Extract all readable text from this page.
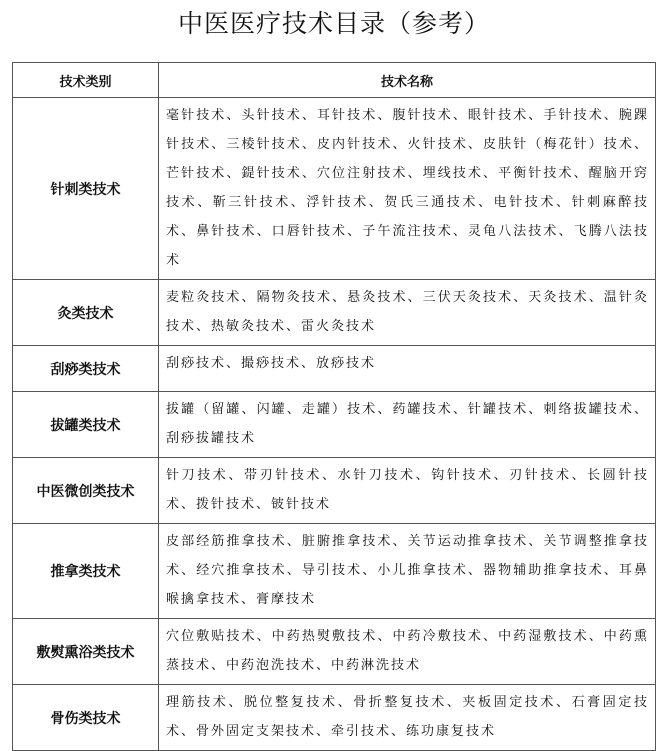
中医医疗技术目录（参考）
技术类别	技术名称
针刺类技术	毫针技术、头针技术、耳针技术、腹针技术、眼针技术、手针技术、腕踝针技术、三棱针技术、皮内针技术、火针技术、皮肤针（梅花针）技术、芒针技术、鍉针技术、穴位注射技术、埋线技术、平衡针技术、醒脑开窍技术、靳三针技术、浮针技术、贺氏三通技术、电针技术、针刺麻醉技术、鼻针技术、口唇针技术、子午流注技术、灵龟八法技术、飞腾八法技术
灸类技术	麦粒灸技术、隔物灸技术、悬灸技术、三伏天灸技术、天灸技术、温针灸技术、热敏灸技术、雷火灸技术
刮痧类技术	刮痧技术、撮痧技术、放痧技术
拔罐类技术	拔罐（留罐、闪罐、走罐）技术、药罐技术、针罐技术、刺络拔罐技术、刮痧拔罐技术
中医微创类技术	针刀技术、带刃针技术、水针刀技术、钩针技术、刃针技术、长圆针技术、拨针技术、铍针技术
推拿类技术	皮部经筋推拿技术、脏腑推拿技术、关节运动推拿技术、关节调整推拿技术、经穴推拿技术、导引技术、小儿推拿技术、器物辅助推拿技术、耳鼻喉擒拿技术、膏摩技术
敷熨熏浴类技术	穴位敷贴技术、中药热熨敷技术、中药冷敷技术、中药湿敷技术、中药熏蒸技术、中药泡洗技术、中药淋洗技术
骨伤类技术	理筋技术、脱位整复技术、骨折整复技术、夹板固定技术、石膏固定技术、骨外固定支架技术、牵引技术、练功康复技术
